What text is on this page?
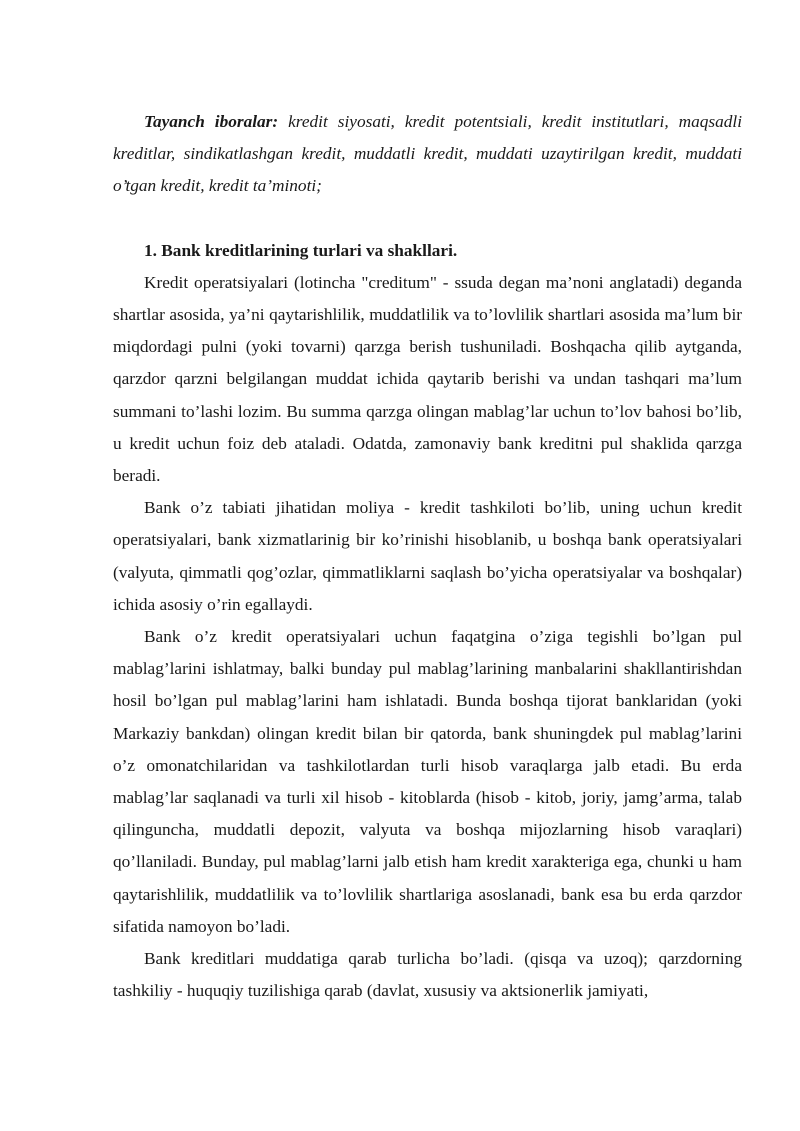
Tayanch iboralar: kredit siyosati, kredit potentsiali, kredit institutlari, maqsadli kreditlar, sindikatlashgan kredit, muddatli kredit, muddati uzaytirilgan kredit, muddati o’tgan kredit, kredit ta’minoti;

1. Bank kreditlarining turlari va shakllari.

Kredit operatsiyalari (lotincha "creditum" - ssuda degan ma’noni anglatadi) deganda shartlar asosida, ya’ni qaytarishlilik, muddatlilik va to’lovlilik shartlari asosida ma’lum bir miqdordagi pulni (yoki tovarni) qarzga berish tushuniladi. Boshqacha qilib aytganda, qarzdor qarzni belgilangan muddat ichida qaytarib berishi va undan tashqari ma’lum summani to’lashi lozim. Bu summa qarzga olingan mablag’lar uchun to’lov bahosi bo’lib, u kredit uchun foiz deb ataladi. Odatda, zamonaviy bank kreditni pul shaklida qarzga beradi.

Bank o’z tabiati jihatidan moliya - kredit tashkiloti bo’lib, uning uchun kredit operatsiyalari, bank xizmatlarinig bir ko’rinishi hisoblanib, u boshqa bank operatsiyalari (valyuta, qimmatli qog’ozlar, qimmatliklarni saqlash bo’yicha operatsiyalar va boshqalar) ichida asosiy o’rin egallaydi.

Bank o’z kredit operatsiyalari uchun faqatgina o’ziga tegishli bo’lgan pul mablag’larini ishlatmay, balki bunday pul mablag’larining manbalarini shakllantirishdan hosil bo’lgan pul mablag’larini ham ishlatadi. Bunda boshqa tijorat banklaridan (yoki Markaziy bankdan) olingan kredit bilan bir qatorda, bank shuningdek pul mablag’larini o’z omonatchilaridan va tashkilotlardan turli hisob varaqlarga jalb etadi. Bu erda mablag’lar saqlanadi va turli xil hisob - kitoblarda (hisob - kitob, joriy, jamg’arma, talab qilinguncha, muddatli depozit, valyuta va boshqa mijozlarning hisob varaqlari) qo’llaniladi. Bunday, pul mablag’larni jalb etish ham kredit xarakteriga ega, chunki u ham qaytarishlilik, muddatlilik va to’lovlilik shartlariga asoslanadi, bank esa bu erda qarzdor sifatida namoyon bo’ladi.

Bank kreditlari muddatiga qarab turlicha bo’ladi. (qisqa va uzoq); qarzdorning tashkiliy - huquqiy tuzilishiga qarab (davlat, xususiy va aktsionerlik jamiyati,
